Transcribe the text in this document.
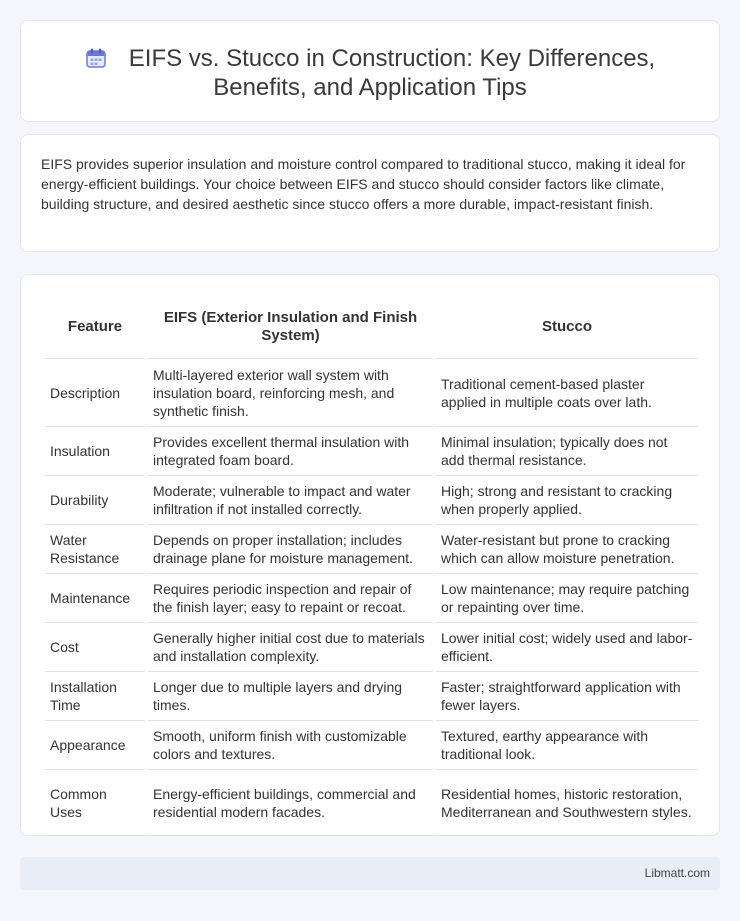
EIFS vs. Stucco in Construction: Key Differences,
Benefits, and Application Tips

EIFS provides superior insulation and moisture control compared to traditional stucco, making it ideal for energy-efficient buildings. Your choice between EIFS and stucco should consider factors like climate, building structure, and desired aesthetic since stucco offers a more durable, impact-resistant finish.

Feature	EIFS (Exterior Insulation and Finish System)	Stucco
Description	Multi-layered exterior wall system with insulation board, reinforcing mesh, and synthetic finish.	Traditional cement-based plaster applied in multiple coats over lath.
Insulation	Provides excellent thermal insulation with integrated foam board.	Minimal insulation; typically does not add thermal resistance.
Durability	Moderate; vulnerable to impact and water infiltration if not installed correctly.	High; strong and resistant to cracking when properly applied.
Water Resistance	Depends on proper installation; includes drainage plane for moisture management.	Water-resistant but prone to cracking which can allow moisture penetration.
Maintenance	Requires periodic inspection and repair of the finish layer; easy to repaint or recoat.	Low maintenance; may require patching or repainting over time.
Cost	Generally higher initial cost due to materials and installation complexity.	Lower initial cost; widely used and labor-efficient.
Installation Time	Longer due to multiple layers and drying times.	Faster; straightforward application with fewer layers.
Appearance	Smooth, uniform finish with customizable colors and textures.	Textured, earthy appearance with traditional look.
Common Uses	Energy-efficient buildings, commercial and residential modern facades.	Residential homes, historic restoration, Mediterranean and Southwestern styles.
Libmatt.com
